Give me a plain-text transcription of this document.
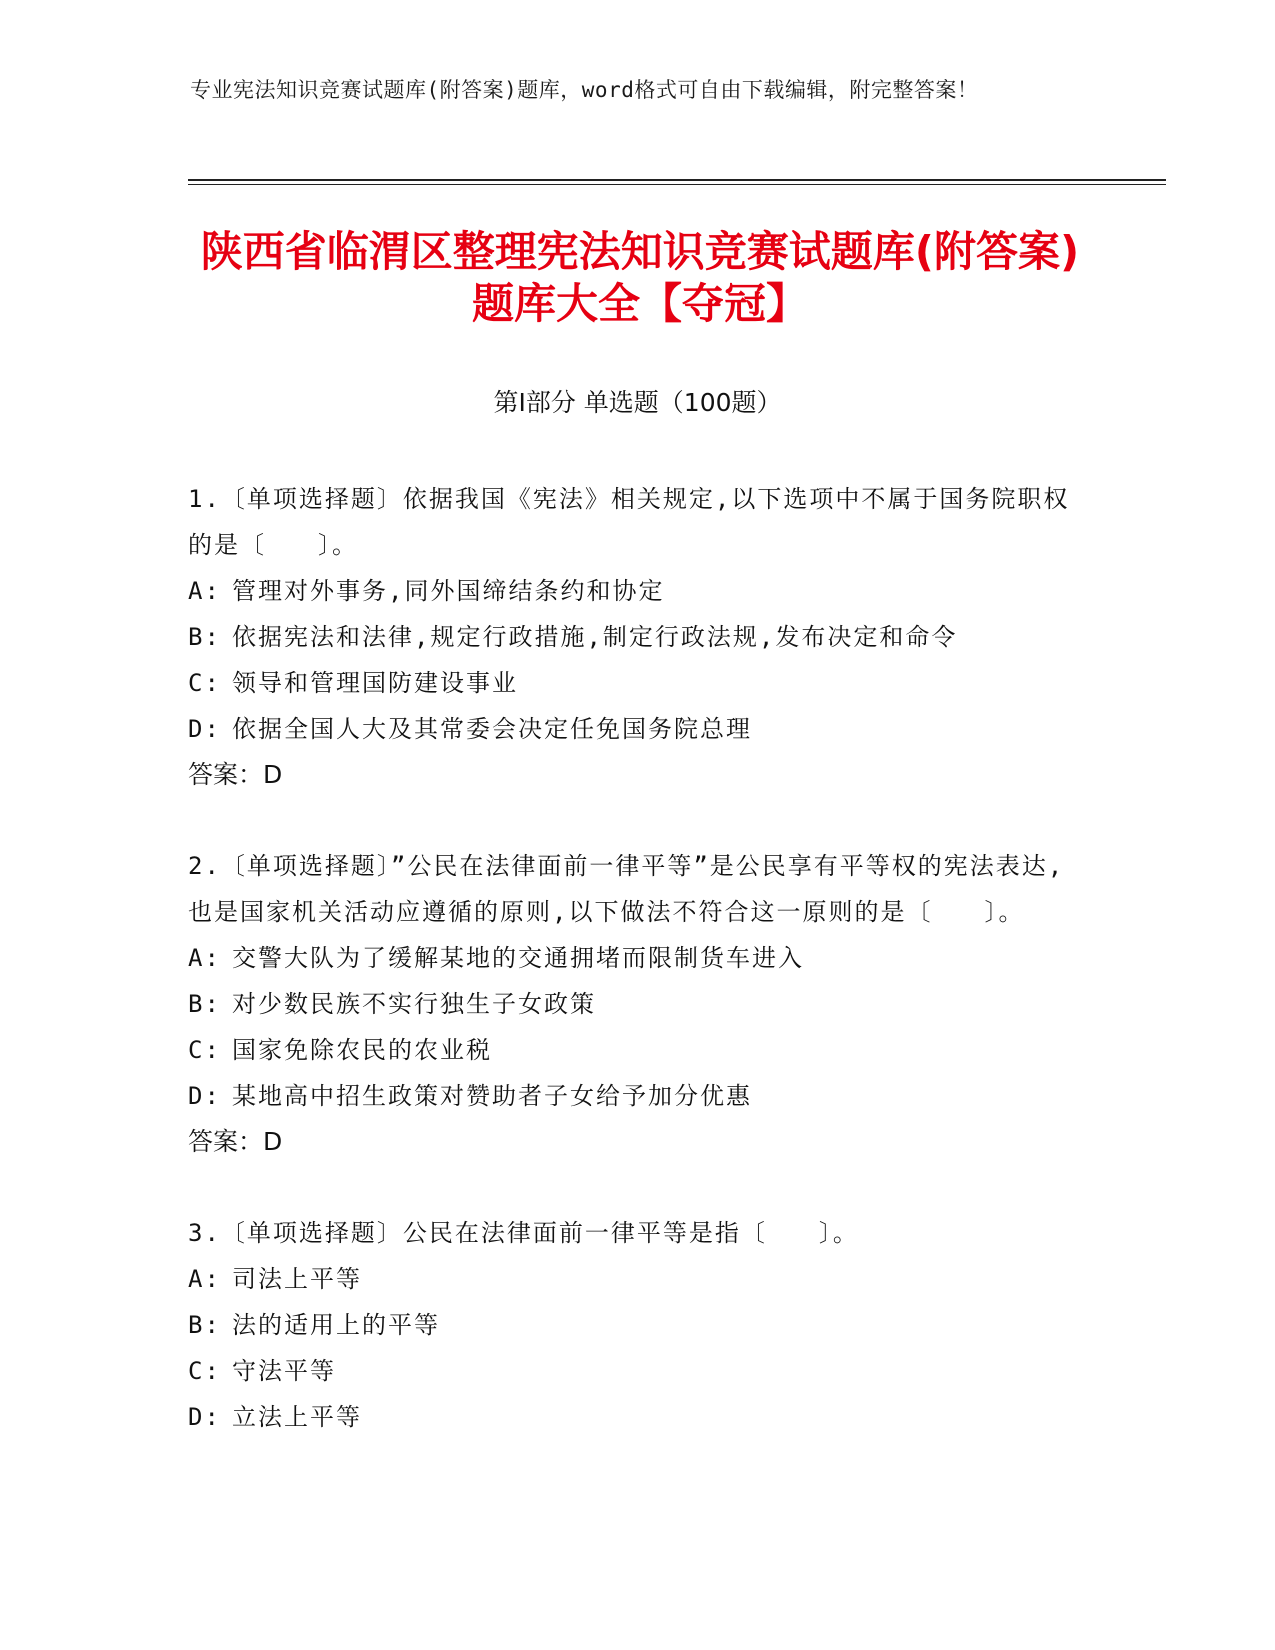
专业宪法知识竞赛试题库(附答案)题库，word格式可自由下载编辑，附完整答案！
陕西省临渭区整理宪法知识竞赛试题库(附答案)题库大全【夺冠】
第I部分 单选题（100题）

1.〔单项选择题〕依据我国《宪法》相关规定,以下选项中不属于国务院职权的是〔　　〕。

A: 管理对外事务,同外国缔结条约和协定

B: 依据宪法和法律,规定行政措施,制定行政法规,发布决定和命令

C: 领导和管理国防建设事业

D: 依据全国人大及其常委会决定任免国务院总理

答案：D

2.〔单项选择题〕”公民在法律面前一律平等”是公民享有平等权的宪法表达,也是国家机关活动应遵循的原则,以下做法不符合这一原则的是〔　　〕。

A: 交警大队为了缓解某地的交通拥堵而限制货车进入

B: 对少数民族不实行独生子女政策

C: 国家免除农民的农业税

D: 某地高中招生政策对赞助者子女给予加分优惠

答案：D

3.〔单项选择题〕公民在法律面前一律平等是指〔　　〕。

A: 司法上平等

B: 法的适用上的平等

C: 守法平等

D: 立法上平等
